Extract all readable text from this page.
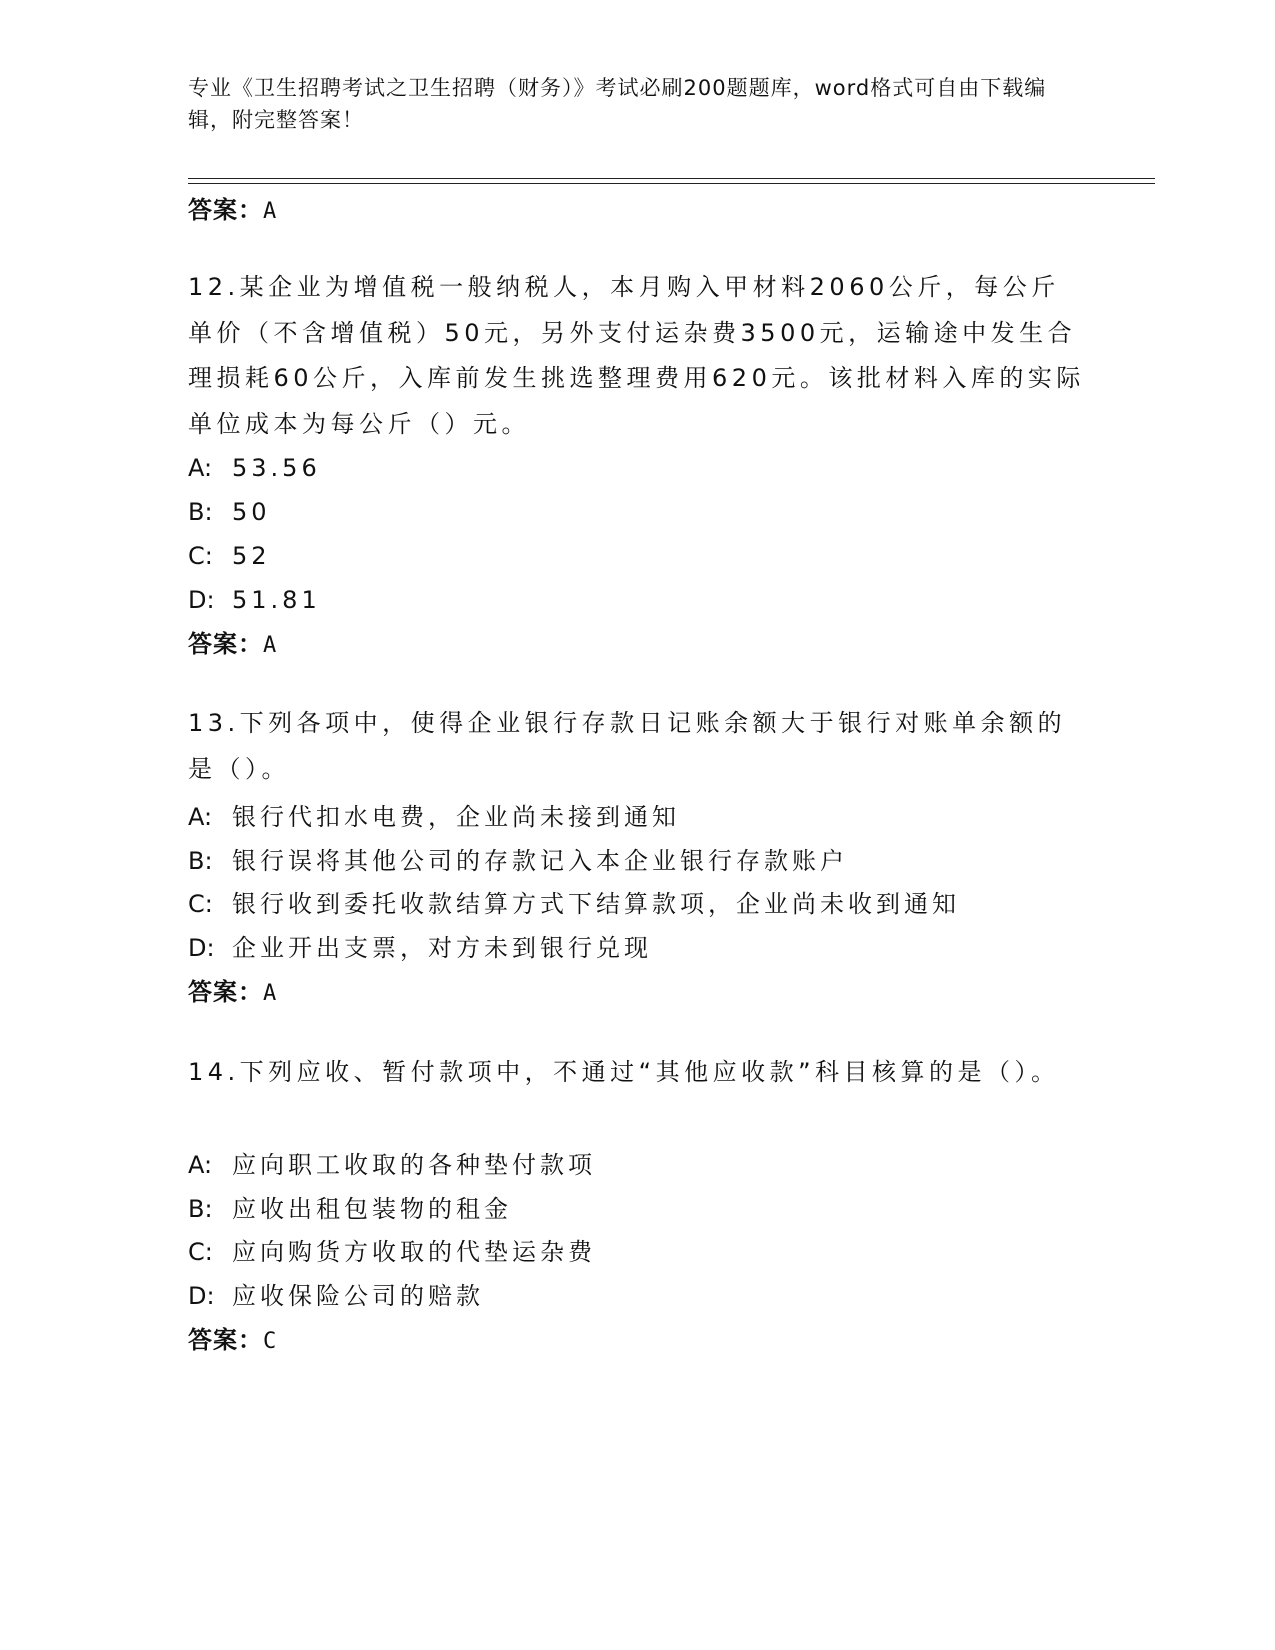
专业《卫生招聘考试之卫生招聘（财务）》考试必刷200题题库，word格式可自由下载编辑，附完整答案！
答案：A
12.某企业为增值税一般纳税人，本月购入甲材料2060公斤，每公斤单价（不含增值税）50元，另外支付运杂费3500元，运输途中发生合理损耗60公斤，入库前发生挑选整理费用620元。该批材料入库的实际单位成本为每公斤（）元。
A: 53.56
B: 50
C: 52
D: 51.81
答案：A
13.下列各项中，使得企业银行存款日记账余额大于银行对账单余额的是（）。
A: 银行代扣水电费，企业尚未接到通知
B: 银行误将其他公司的存款记入本企业银行存款账户
C: 银行收到委托收款结算方式下结算款项，企业尚未收到通知
D: 企业开出支票，对方未到银行兑现
答案：A
14.下列应收、暂付款项中，不通过“其他应收款”科目核算的是（）。
A: 应向职工收取的各种垫付款项
B: 应收出租包装物的租金
C: 应向购货方收取的代垫运杂费
D: 应收保险公司的赔款
答案：C
